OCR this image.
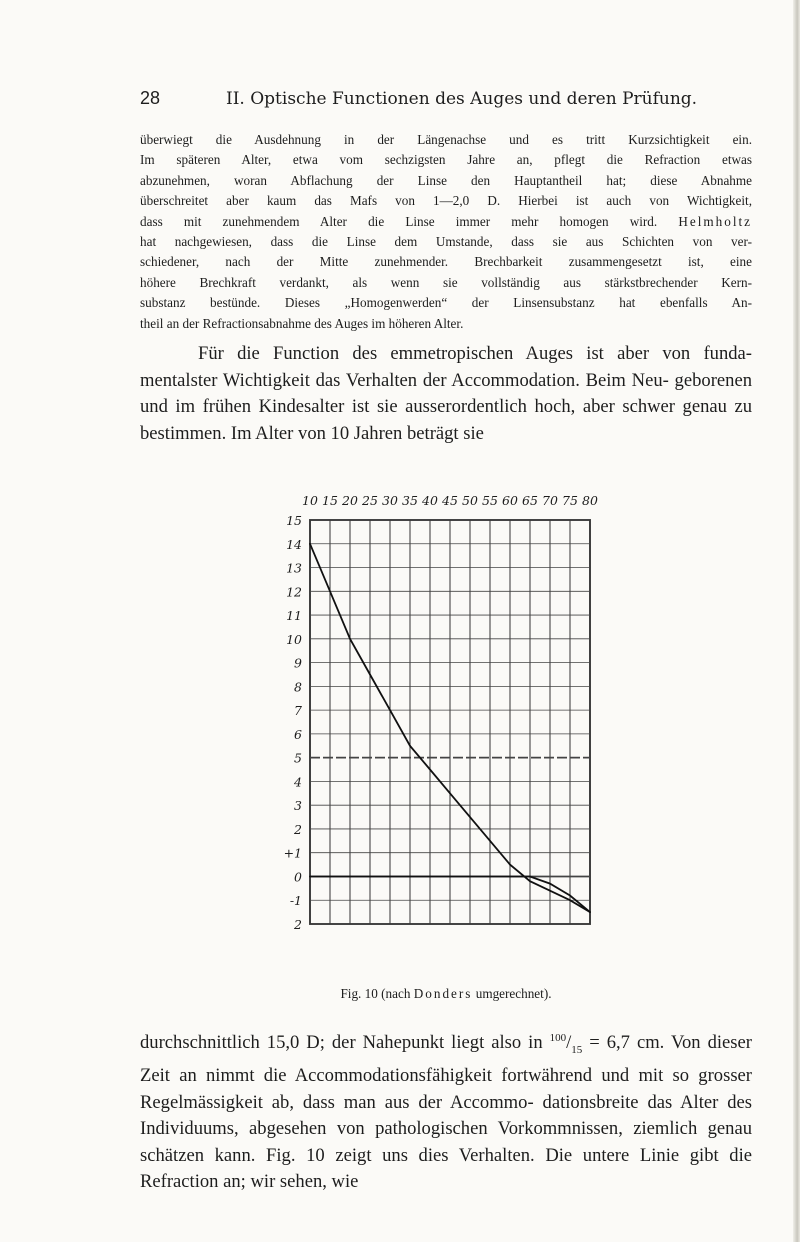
28	II. Optische Functionen des Auges und deren Prüfung.

überwiegt die Ausdehnung in der Längenachse und es tritt Kurzsichtigkeit ein.

Im späteren Alter, etwa vom sechzigsten Jahre an, pflegt die Refraction etwas

abzunehmen, woran Abflachung der Linse den Hauptantheil hat; diese Abnahme

überschreitet aber kaum das Mafs von 1—2,0 D. Hierbei ist auch von Wichtigkeit,

dass mit zunehmendem Alter die Linse immer mehr homogen wird. Helmholtz

hat nachgewiesen, dass die Linse dem Umstande, dass sie aus Schichten von ver-

schiedener, nach der Mitte zunehmender. Brechbarkeit zusammengesetzt ist, eine

höhere Brechkraft verdankt, als wenn sie vollständig aus stärkstbrechender Kern-

substanz bestünde. Dieses „Homogenwerden“ der Linsensubstanz hat ebenfalls An-

theil an der Refractionsabnahme des Auges im höheren Alter.

Für die Function des emmetropischen Auges ist aber von funda- mentalster Wichtigkeit das Verhalten der Accommodation. Beim Neu- geborenen und im frühen Kindesalter ist sie ausserordentlich hoch, aber schwer genau zu bestimmen. Im Alter von 10 Jahren beträgt sie

10 15 20 25 30 35 40 45 50 55 60 65 70 75 80
15
14
13
12
11
10
9
8
7
6
5
4
3
2
+1
0
-1
2
Fig. 10 (nach Donders umgerechnet).

durchschnittlich 15,0 D; der Nahepunkt liegt also in $^{100}/_{15} = 6,7$ cm. Von dieser Zeit an nimmt die Accommodationsfähigkeit fortwährend und mit so grosser Regelmässigkeit ab, dass man aus der Accommo- dationsbreite das Alter des Individuums, abgesehen von pathologischen Vorkommnissen, ziemlich genau schätzen kann. Fig. 10 zeigt uns dies Verhalten. Die untere Linie gibt die Refraction an; wir sehen, wie
